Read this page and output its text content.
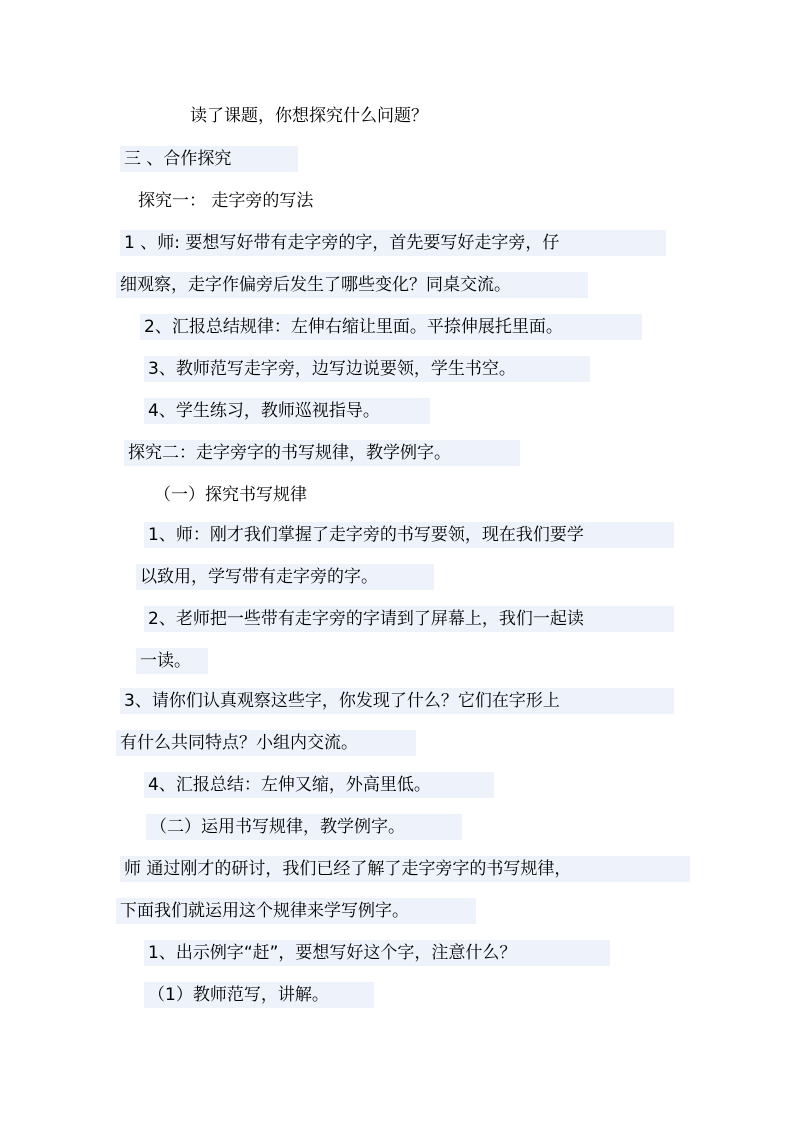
读了课题，你想探究什么问题？
三 、合作探究
探究一： 走字旁的写法
1 、师: 要想写好带有走字旁的字，首先要写好走字旁，仔
细观察，走字作偏旁后发生了哪些变化？同桌交流。
2、汇报总结规律：左伸右缩让里面。平捺伸展托里面。
3、教师范写走字旁，边写边说要领，学生书空。
4、学生练习，教师巡视指导。
探究二：走字旁字的书写规律，教学例字。
（一）探究书写规律
1、师：刚才我们掌握了走字旁的书写要领，现在我们要学
以致用，学写带有走字旁的字。
2、老师把一些带有走字旁的字请到了屏幕上，我们一起读
一读。
3、请你们认真观察这些字，你发现了什么？它们在字形上
有什么共同特点？小组内交流。
4、汇报总结：左伸又缩，外高里低。
（二）运用书写规律，教学例字。
师 通过刚才的研讨，我们已经了解了走字旁字的书写规律，
下面我们就运用这个规律来学写例字。
1、出示例字“赶”，要想写好这个字，注意什么？
（1）教师范写，讲解。
